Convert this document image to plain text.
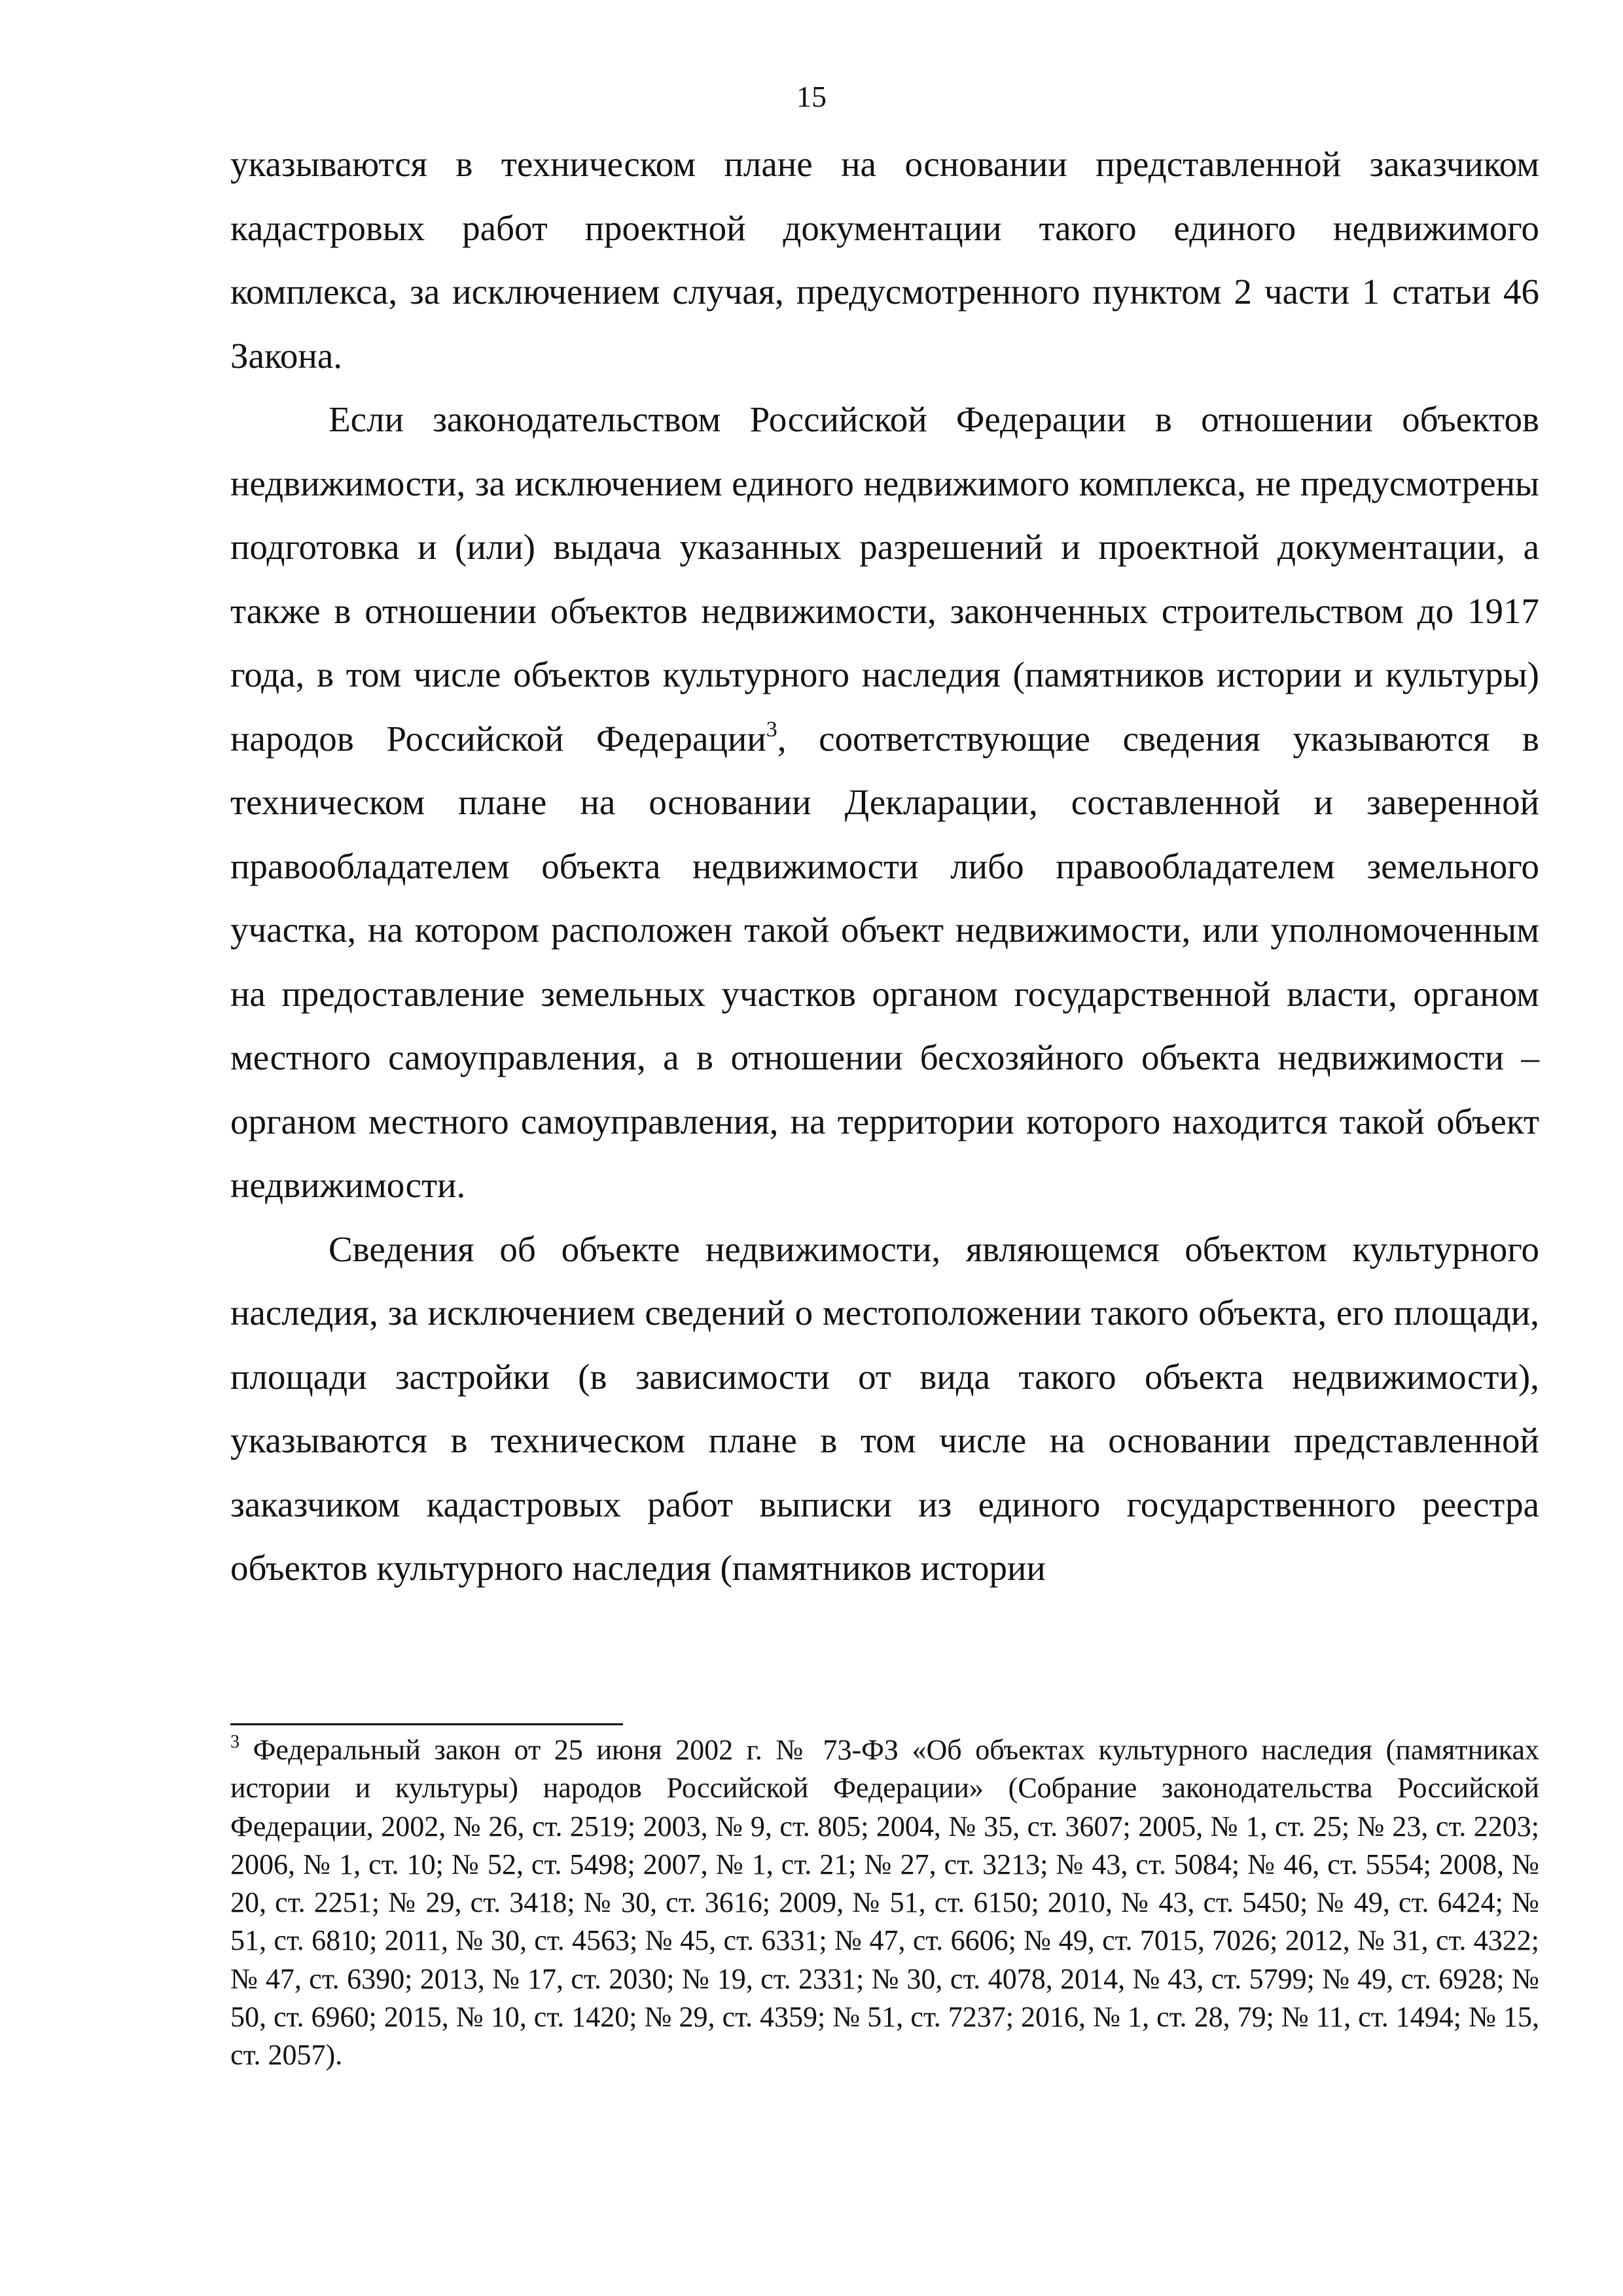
15

указываются в техническом плане на основании представленной заказчиком кадастровых работ проектной документации такого единого недвижимого комплекса, за исключением случая, предусмотренного пунктом 2 части 1 статьи 46 Закона.

Если законодательством Российской Федерации в отношении объектов недвижимости, за исключением единого недвижимого комплекса, не предусмотрены подготовка и (или) выдача указанных разрешений и проектной документации, а также в отношении объектов недвижимости, законченных строительством до 1917 года, в том числе объектов культурного наследия (памятников истории и культуры) народов Российской Федерации$^3$, соответствующие сведения указываются в техническом плане на основании Декларации, составленной и заверенной правообладателем объекта недвижимости либо правообладателем земельного участка, на котором расположен такой объект недвижимости, или уполномоченным на предоставление земельных участков органом государственной власти, органом местного самоуправления, а в отношении бесхозяйного объекта недвижимости – органом местного самоуправления, на территории которого находится такой объект недвижимости.

Сведения об объекте недвижимости, являющемся объектом культурного наследия, за исключением сведений о местоположении такого объекта, его площади, площади застройки (в зависимости от вида такого объекта недвижимости), указываются в техническом плане в том числе на основании представленной заказчиком кадастровых работ выписки из единого государственного реестра объектов культурного наследия (памятников истории

$^3$ Федеральный закон от 25 июня 2002 г. № 73-ФЗ «Об объектах культурного наследия (памятниках истории и культуры) народов Российской Федерации» (Собрание законодательства Российской Федерации, 2002, № 26, ст. 2519; 2003, № 9, ст. 805; 2004, № 35, ст. 3607; 2005, № 1, ст. 25; № 23, ст. 2203; 2006, № 1, ст. 10; № 52, ст. 5498; 2007, № 1, ст. 21; № 27, ст. 3213; № 43, ст. 5084; № 46, ст. 5554; 2008, № 20, ст. 2251; № 29, ст. 3418; № 30, ст. 3616; 2009, № 51, ст. 6150; 2010, № 43, ст. 5450; № 49, ст. 6424; № 51, ст. 6810; 2011, № 30, ст. 4563; № 45, ст. 6331; № 47, ст. 6606; № 49, ст. 7015, 7026; 2012, № 31, ст. 4322; № 47, ст. 6390; 2013, № 17, ст. 2030; № 19, ст. 2331; № 30, ст. 4078, 2014, № 43, ст. 5799; № 49, ст. 6928; № 50, ст. 6960; 2015, № 10, ст. 1420; № 29, ст. 4359; № 51, ст. 7237; 2016, № 1, ст. 28, 79; № 11, ст. 1494; № 15, ст. 2057).
